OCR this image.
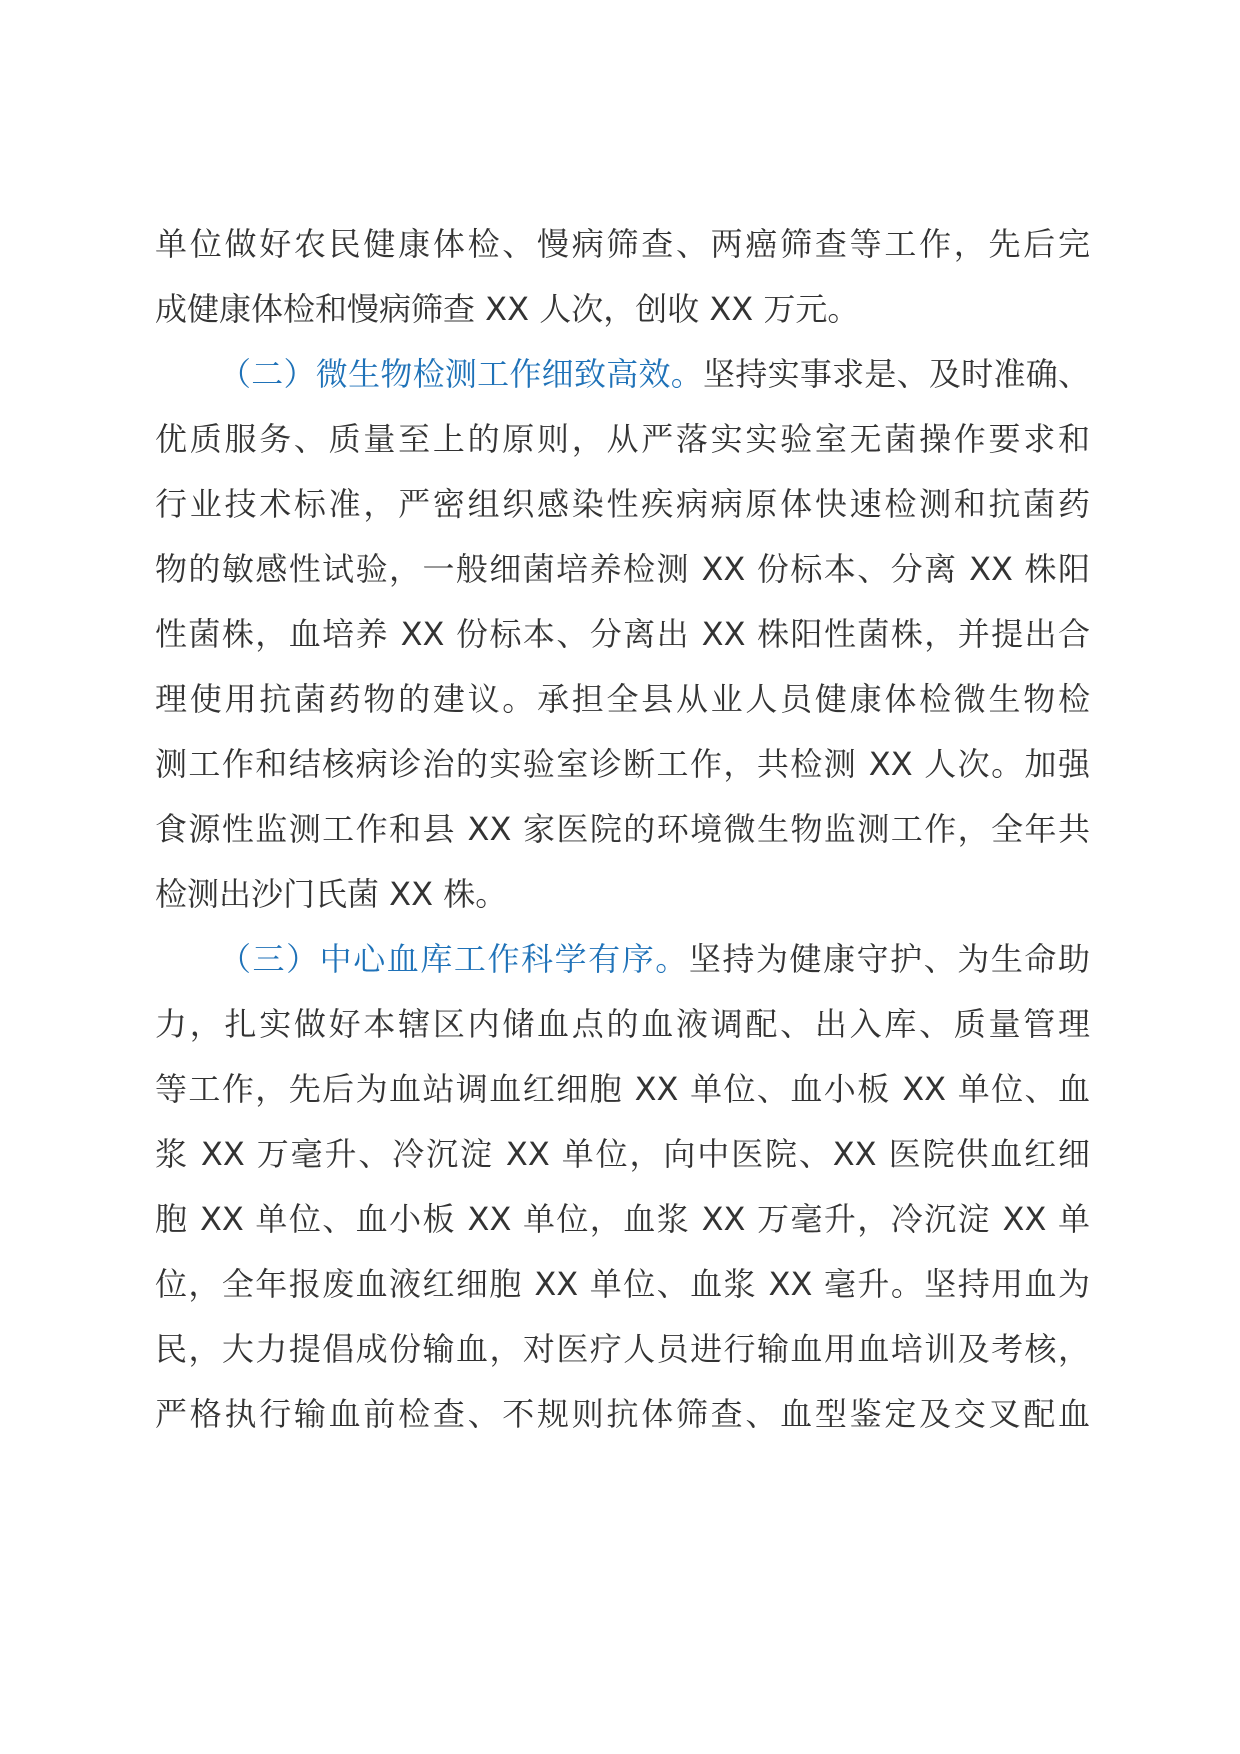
单位做好农民健康体检、慢病筛查、两癌筛查等工作，先后完
成健康体检和慢病筛查 XX 人次，创收 XX 万元。
（二）微生物检测工作细致高效。坚持实事求是、及时准确、
优质服务、质量至上的原则，从严落实实验室无菌操作要求和
行业技术标准，严密组织感染性疾病病原体快速检测和抗菌药
物的敏感性试验，一般细菌培养检测 XX 份标本、分离 XX 株阳
性菌株，血培养 XX 份标本、分离出 XX 株阳性菌株，并提出合
理使用抗菌药物的建议。承担全县从业人员健康体检微生物检
测工作和结核病诊治的实验室诊断工作，共检测 XX 人次。加强
食源性监测工作和县 XX 家医院的环境微生物监测工作，全年共
检测出沙门氏菌 XX 株。
（三）中心血库工作科学有序。坚持为健康守护、为生命助
力，扎实做好本辖区内储血点的血液调配、出入库、质量管理
等工作，先后为血站调血红细胞 XX 单位、血小板 XX 单位、血
浆 XX 万毫升、冷沉淀 XX 单位，向中医院、XX 医院供血红细
胞 XX 单位、血小板 XX 单位，血浆 XX 万毫升，冷沉淀 XX 单
位，全年报废血液红细胞 XX 单位、血浆 XX 毫升。坚持用血为
民，大力提倡成份输血，对医疗人员进行输血用血培训及考核，
严格执行输血前检查、不规则抗体筛查、血型鉴定及交叉配血
